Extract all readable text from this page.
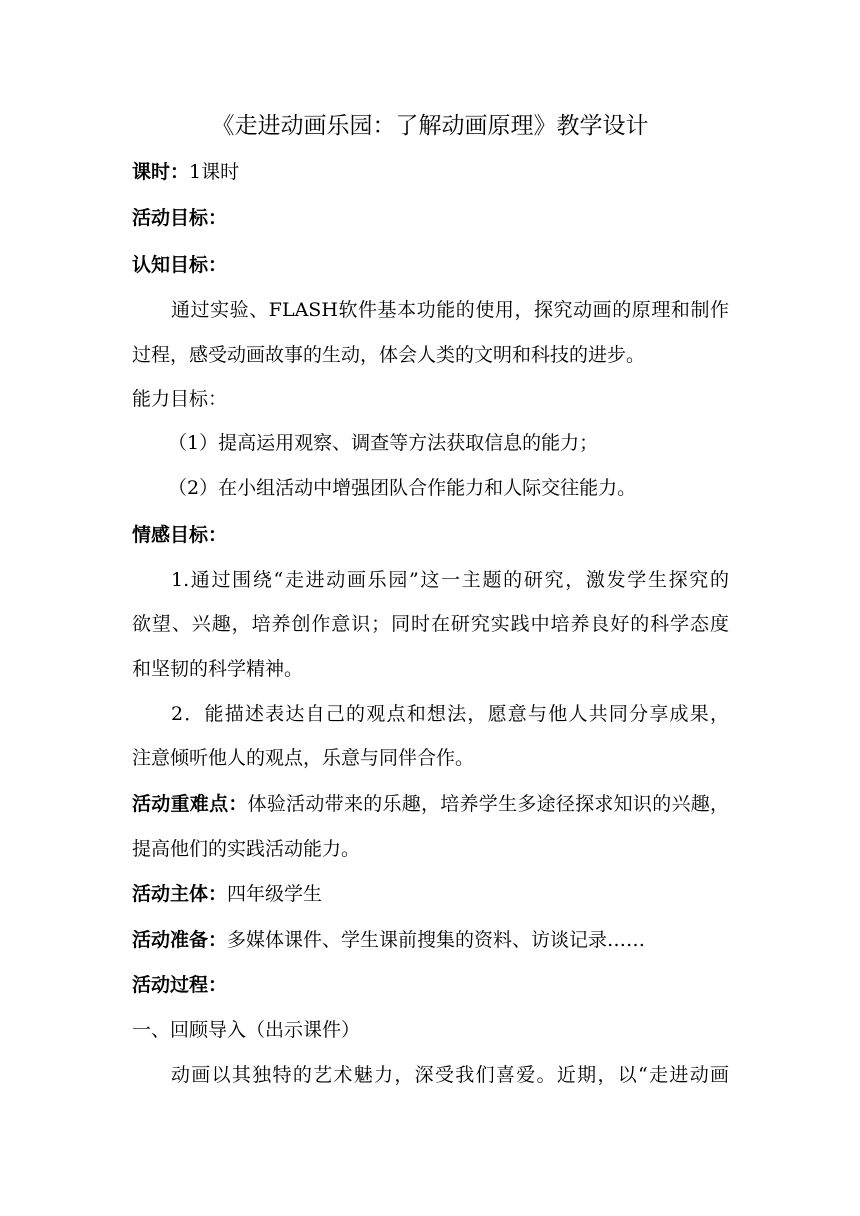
《走进动画乐园：了解动画原理》教学设计
课时：1课时
活动目标：
认知目标：
通过实验、FLASH软件基本功能的使用，探究动画的原理和制作
过程，感受动画故事的生动，体会人类的文明和科技的进步。
能力目标：
（1）提高运用观察、调查等方法获取信息的能力；
（2）在小组活动中增强团队合作能力和人际交往能力。
情感目标：
1.通过围绕“走进动画乐园”这一主题的研究，激发学生探究的
欲望、兴趣，培养创作意识；同时在研究实践中培养良好的科学态度
和坚韧的科学精神。
2．能描述表达自己的观点和想法，愿意与他人共同分享成果，
注意倾听他人的观点，乐意与同伴合作。
活动重难点：体验活动带来的乐趣，培养学生多途径探求知识的兴趣，
提高他们的实践活动能力。
活动主体：四年级学生
活动准备：多媒体课件、学生课前搜集的资料、访谈记录……
活动过程：
一、回顾导入（出示课件）
动画以其独特的艺术魅力，深受我们喜爱。近期，以“走进动画
